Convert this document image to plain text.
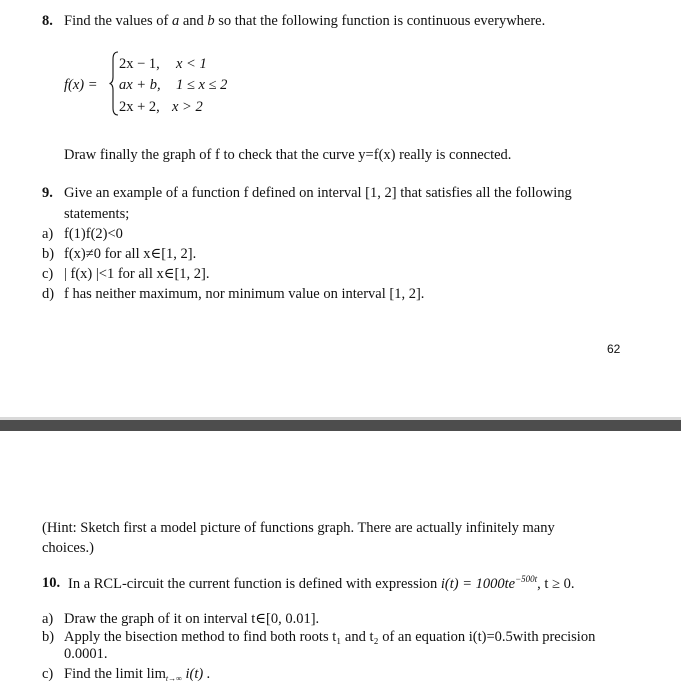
8. Find the values of a and b so that the following function is continuous everywhere.
f(x) =
2x − 1, x < 1
ax + b, 1 ≤ x ≤ 2
2x + 2, x > 2
Draw finally the graph of f to check that the curve y=f(x) really is connected.
9. Give an example of a function f defined on interval [1, 2] that satisfies all the following
statements;
a) f(1)f(2)<0
b) f(x)≠0 for all x∈[1, 2].
c) | f(x) |<1 for all x∈[1, 2].
d) f has neither maximum, nor minimum value on interval [1, 2].
62
(Hint: Sketch first a model picture of functions graph. There are actually infinitely many
choices.)
10. In a RCL-circuit the current function is defined with expression $i(t) = 1000te^{-500t}$, t ≥ 0.
a) Draw the graph of it on interval t∈[0, 0.01].
b) Apply the bisection method to find both roots t₁ and t₂ of an equation i(t)=0.5with precision
0.0001.
c) Find the limit $\lim_{t\to\infty} i(t)$ .
